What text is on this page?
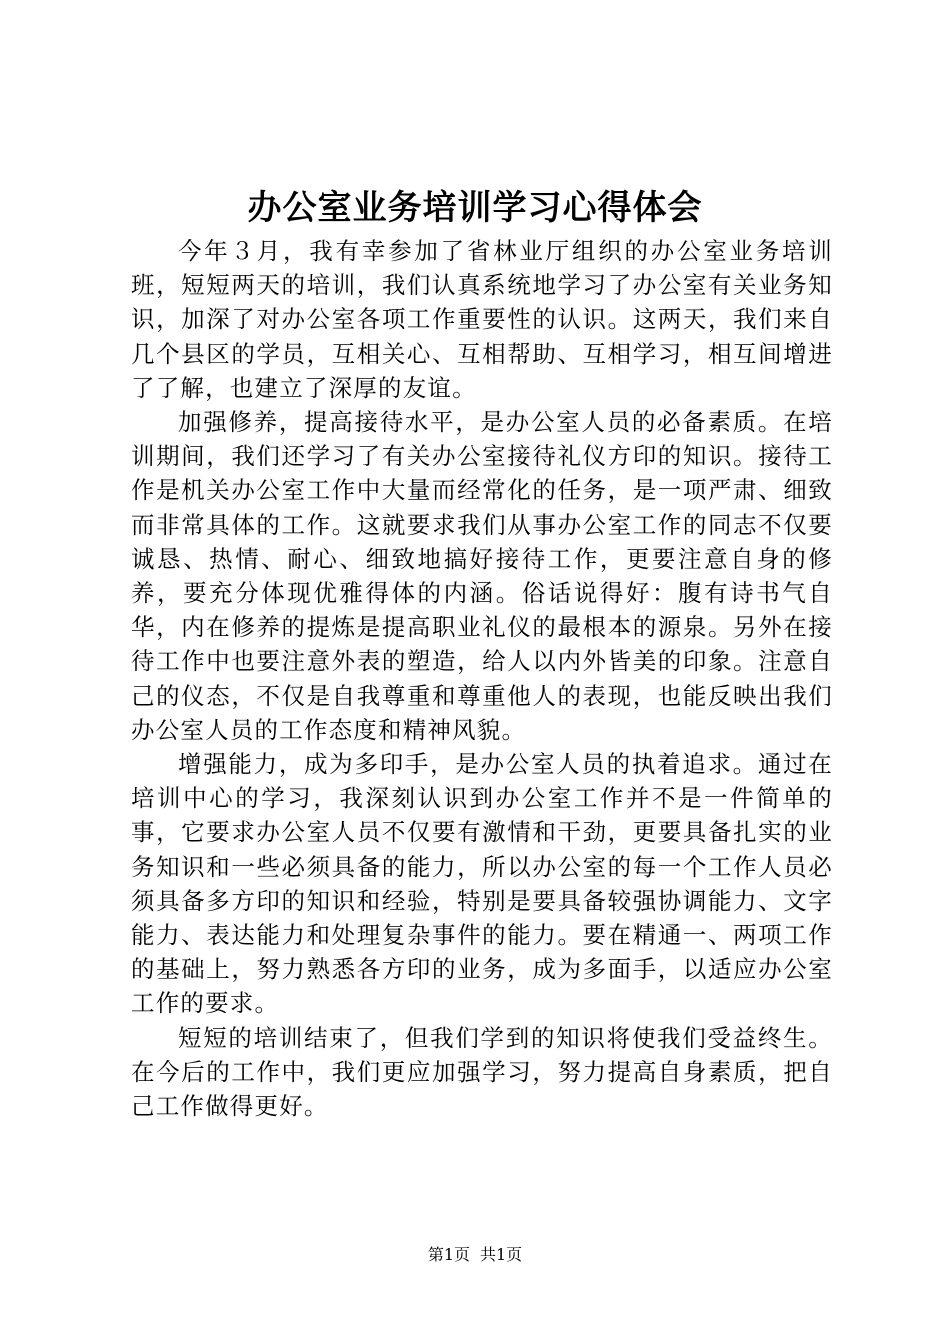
办公室业务培训学习心得体会

今年３月，我有幸参加了省林业厅组织的办公室业务培训班，短短两天的培训，我们认真系统地学习了办公室有关业务知识，加深了对办公室各项工作重要性的认识。这两天，我们来自几个县区的学员，互相关心、互相帮助、互相学习，相互间增进了了解，也建立了深厚的友谊。

加强修养，提高接待水平，是办公室人员的必备素质。在培训期间，我们还学习了有关办公室接待礼仪方印的知识。接待工作是机关办公室工作中大量而经常化的任务，是一项严肃、细致而非常具体的工作。这就要求我们从事办公室工作的同志不仅要诚恳、热情、耐心、细致地搞好接待工作，更要注意自身的修养，要充分体现优雅得体的内涵。俗话说得好：腹有诗书气自华，内在修养的提炼是提高职业礼仪的最根本的源泉。另外在接待工作中也要注意外表的塑造，给人以内外皆美的印象。注意自己的仪态，不仅是自我尊重和尊重他人的表现，也能反映出我们办公室人员的工作态度和精神风貌。

增强能力，成为多印手，是办公室人员的执着追求。通过在培训中心的学习，我深刻认识到办公室工作并不是一件简单的事，它要求办公室人员不仅要有激情和干劲，更要具备扎实的业务知识和一些必须具备的能力，所以办公室的每一个工作人员必须具备多方印的知识和经验，特别是要具备较强协调能力、文字能力、表达能力和处理复杂事件的能力。要在精通一、两项工作的基础上，努力熟悉各方印的业务，成为多面手，以适应办公室工作的要求。

短短的培训结束了，但我们学到的知识将使我们受益终生。在今后的工作中，我们更应加强学习，努力提高自身素质，把自己工作做得更好。

第1页 共1页
